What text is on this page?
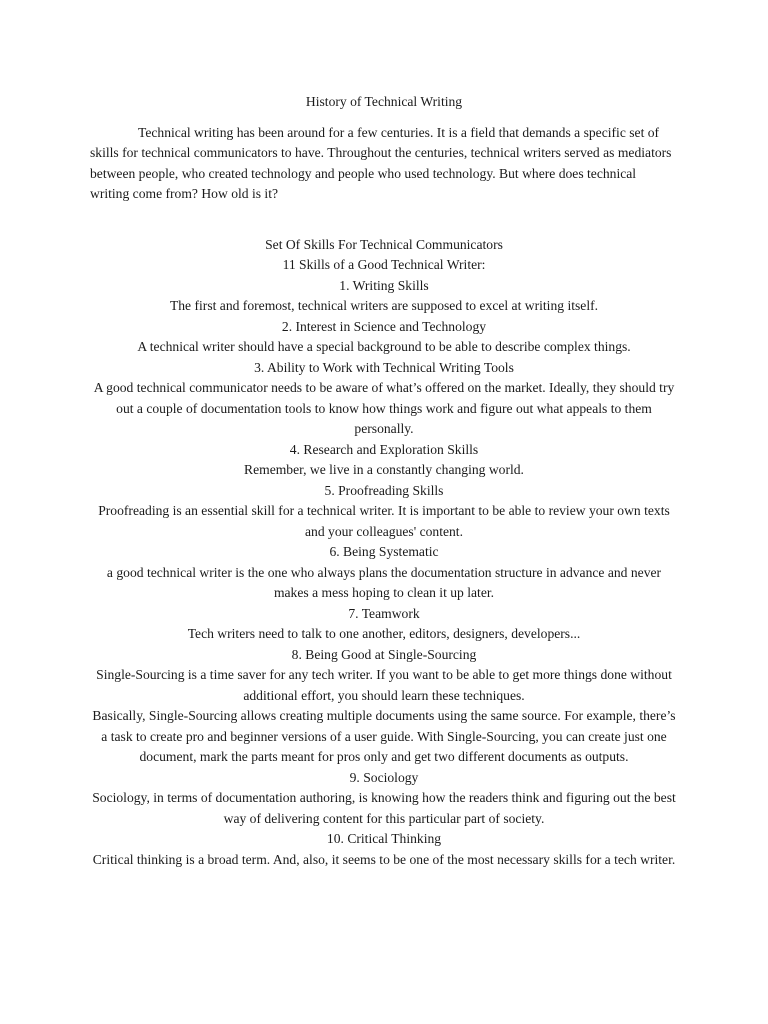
History of Technical Writing

Technical writing has been around for a few centuries. It is a field that demands a specific set of skills for technical communicators to have. Throughout the centuries, technical writers served as mediators between people, who created technology and people who used technology. But where does technical writing come from? How old is it?

Set Of Skills For Technical Communicators

11 Skills of a Good Technical Writer:

1. Writing Skills

The first and foremost, technical writers are supposed to excel at writing itself.

2. Interest in Science and Technology

A technical writer should have a special background to be able to describe complex things.

3. Ability to Work with Technical Writing Tools

A good technical communicator needs to be aware of what’s offered on the market. Ideally, they should try out a couple of documentation tools to know how things work and figure out what appeals to them personally.

4. Research and Exploration Skills

Remember, we live in a constantly changing world.

5. Proofreading Skills

Proofreading is an essential skill for a technical writer. It is important to be able to review your own texts and your colleagues' content.

6. Being Systematic

a good technical writer is the one who always plans the documentation structure in advance and never makes a mess hoping to clean it up later.

7. Teamwork

Tech writers need to talk to one another, editors, designers, developers...

8. Being Good at Single-Sourcing

Single-Sourcing is a time saver for any tech writer. If you want to be able to get more things done without additional effort, you should learn these techniques.

Basically, Single-Sourcing allows creating multiple documents using the same source. For example, there’s a task to create pro and beginner versions of a user guide. With Single-Sourcing, you can create just one document, mark the parts meant for pros only and get two different documents as outputs.

9. Sociology

Sociology, in terms of documentation authoring, is knowing how the readers think and figuring out the best way of delivering content for this particular part of society.

10. Critical Thinking

Critical thinking is a broad term. And, also, it seems to be one of the most necessary skills for a tech writer.
